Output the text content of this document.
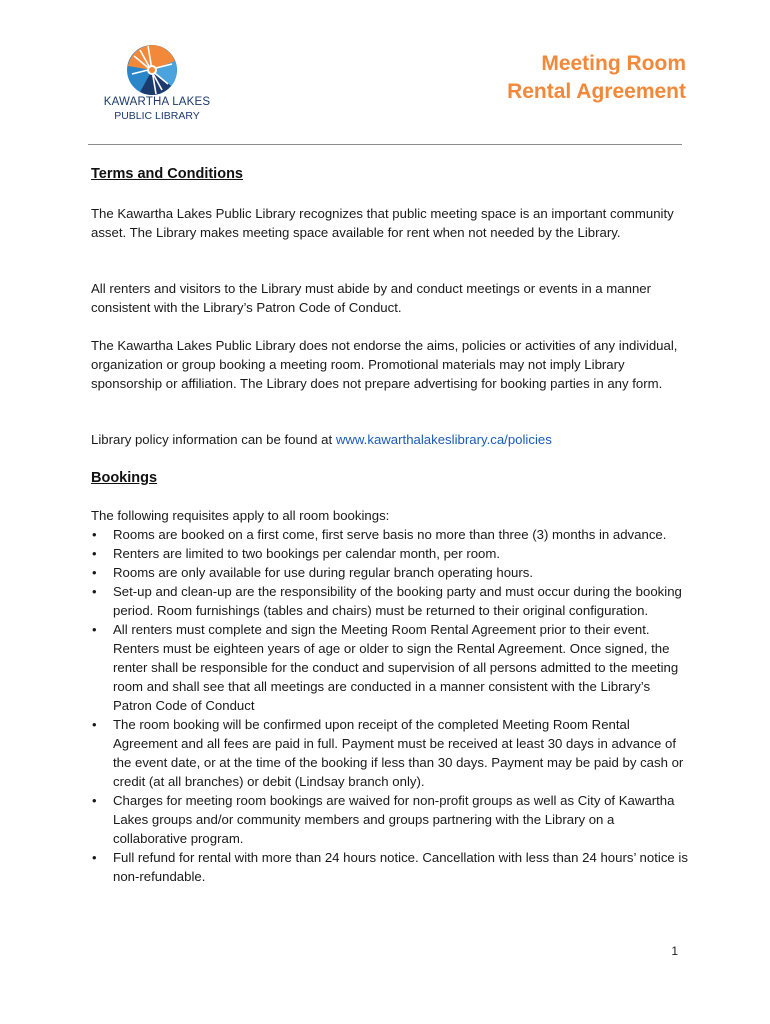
KAWARTHA LAKES
PUBLIC LIBRARY
Meeting Room
Rental Agreement
Terms and Conditions

The Kawartha Lakes Public Library recognizes that public meeting space is an important community asset. The Library makes meeting space available for rent when not needed by the Library.

All renters and visitors to the Library must abide by and conduct meetings or events in a manner consistent with the Library’s Patron Code of Conduct.

The Kawartha Lakes Public Library does not endorse the aims, policies or activities of any individual, organization or group booking a meeting room. Promotional materials may not imply Library sponsorship or affiliation. The Library does not prepare advertising for booking parties in any form.

Library policy information can be found at www.kawarthalakeslibrary.ca/policies

Bookings

The following requisites apply to all room bookings:

• Rooms are booked on a first come, first serve basis no more than three (3) months in advance.
• Renters are limited to two bookings per calendar month, per room.
• Rooms are only available for use during regular branch operating hours.
• Set-up and clean-up are the responsibility of the booking party and must occur during the booking period. Room furnishings (tables and chairs) must be returned to their original configuration.
• All renters must complete and sign the Meeting Room Rental Agreement prior to their event. Renters must be eighteen years of age or older to sign the Rental Agreement. Once signed, the renter shall be responsible for the conduct and supervision of all persons admitted to the meeting room and shall see that all meetings are conducted in a manner consistent with the Library’s Patron Code of Conduct
• The room booking will be confirmed upon receipt of the completed Meeting Room Rental Agreement and all fees are paid in full. Payment must be received at least 30 days in advance of the event date, or at the time of the booking if less than 30 days. Payment may be paid by cash or credit (at all branches) or debit (Lindsay branch only).
• Charges for meeting room bookings are waived for non-profit groups as well as City of Kawartha Lakes groups and/or community members and groups partnering with the Library on a collaborative program.
• Full refund for rental with more than 24 hours notice. Cancellation with less than 24 hours’ notice is non-refundable.
1
